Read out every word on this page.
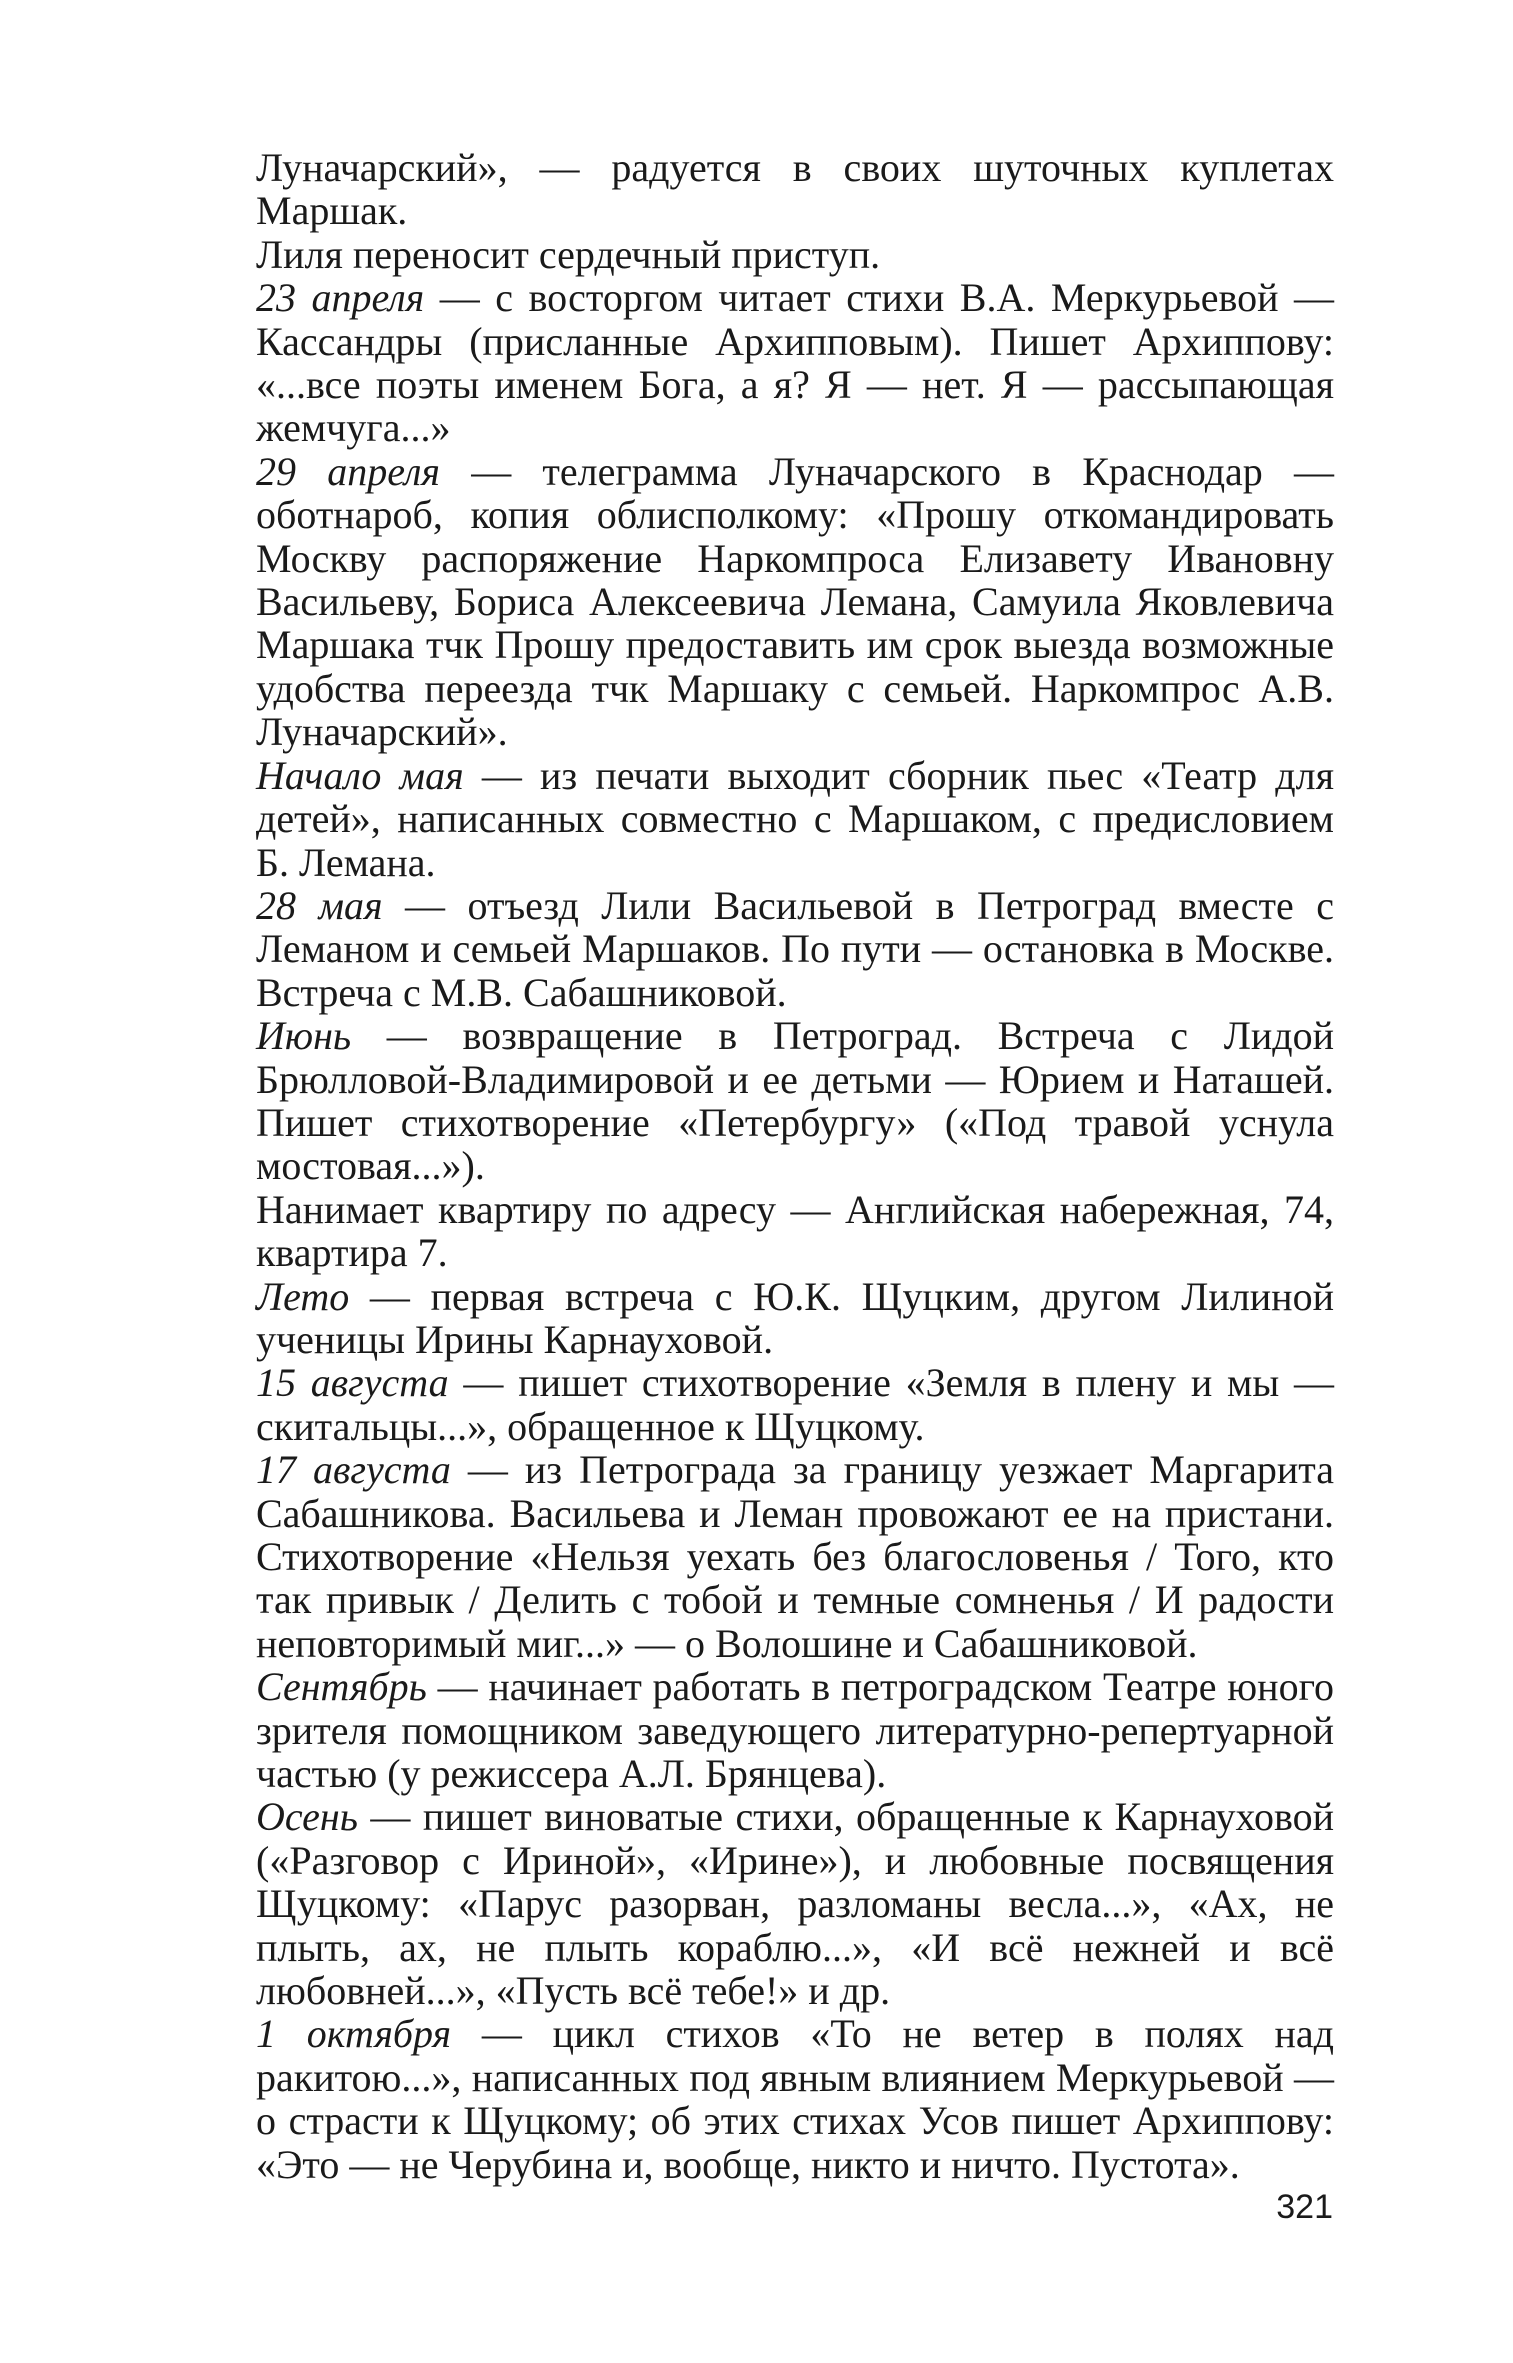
Луначарский», — радуется в своих шуточных куплетах Маршак.

Лиля переносит сердечный приступ.

23 апреля — с восторгом читает стихи В.А. Меркурьевой — Кассандры (присланные Архипповым). Пишет Архиппову: «...все поэты именем Бога, а я? Я — нет. Я — рассыпающая жемчуга...»

29 апреля — телеграмма Луначарского в Краснодар — оботнароб, копия облисполкому: «Прошу откомандировать Москву распоряжение Наркомпроса Елизавету Ивановну Васильеву, Бориса Алексеевича Лемана, Самуила Яковлевича Маршака тчк Прошу предоставить им срок выезда возможные удобства переезда тчк Маршаку с семьей. Наркомпрос А.В. Луначарский».

Начало мая — из печати выходит сборник пьес «Театр для детей», написанных совместно с Маршаком, с предисловием Б. Лемана.

28 мая — отъезд Лили Васильевой в Петроград вместе с Леманом и семьей Маршаков. По пути — остановка в Москве. Встреча с М.В. Сабашниковой.

Июнь — возвращение в Петроград. Встреча с Лидой Брюлловой-Владимировой и ее детьми — Юрием и Наташей. Пишет стихотворение «Петербургу» («Под травой уснула мостовая...»).

Нанимает квартиру по адресу — Английская набережная, 74, квартира 7.

Лето — первая встреча с Ю.К. Щуцким, другом Лилиной ученицы Ирины Карнауховой.

15 августа — пишет стихотворение «Земля в плену и мы — скитальцы...», обращенное к Щуцкому.

17 августа — из Петрограда за границу уезжает Маргарита Сабашникова. Васильева и Леман провожают ее на пристани. Стихотворение «Нельзя уехать без благословенья / Того, кто так привык / Делить с тобой и темные сомненья / И радости неповторимый миг...» — о Волошине и Сабашниковой.

Сентябрь — начинает работать в петроградском Театре юного зрителя помощником заведующего литературно-репертуарной частью (у режиссера А.Л. Брянцева).

Осень — пишет виноватые стихи, обращенные к Карнауховой («Разговор с Ириной», «Ирине»), и любовные посвящения Щуцкому: «Парус разорван, разломаны весла...», «Ах, не плыть, ах, не плыть кораблю...», «И всё нежней и всё любовней...», «Пусть всё тебе!» и др.

1 октября — цикл стихов «То не ветер в полях над ракитою...», написанных под явным влиянием Меркурьевой — о страсти к Щуцкому; об этих стихах Усов пишет Архиппову: «Это — не Черубина и, вообще, никто и ничто. Пустота».

321
